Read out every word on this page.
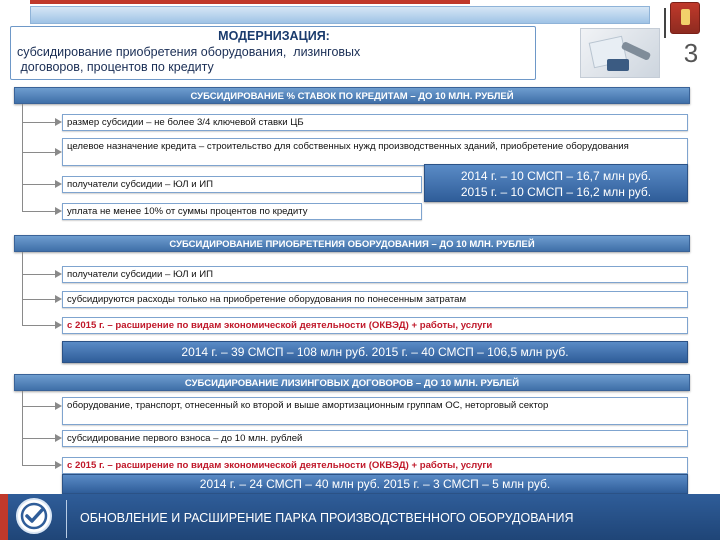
3
МОДЕРНИЗАЦИЯ:
субсидирование приобретения оборудования,  лизинговых
договоров, процентов по кредиту
СУБСИДИРОВАНИЕ % СТАВОК ПО КРЕДИТАМ – ДО 10 МЛН. РУБЛЕЙ
размер субсидии – не более 3/4 ключевой ставки ЦБ
целевое назначение кредита – строительство для собственных нужд производственных зданий, приобретение оборудования
получатели субсидии – ЮЛ и ИП
уплата не менее 10% от суммы процентов по кредиту
2014 г. – 10 СМСП – 16,7 млн руб.
2015 г. – 10 СМСП – 16,2 млн руб.
СУБСИДИРОВАНИЕ ПРИОБРЕТЕНИЯ ОБОРУДОВАНИЯ – ДО 10 МЛН. РУБЛЕЙ
получатели субсидии – ЮЛ и ИП
субсидируются расходы только на приобретение оборудования по понесенным затратам
с 2015 г. – расширение по видам экономической деятельности (ОКВЭД) + работы, услуги
2014 г. – 39 СМСП – 108 млн руб. 2015 г. – 40 СМСП – 106,5 млн руб.
СУБСИДИРОВАНИЕ ЛИЗИНГОВЫХ ДОГОВОРОВ – ДО 10 МЛН. РУБЛЕЙ
оборудование, транспорт, отнесенный ко второй и выше амортизационным группам ОС, неторговый сектор
субсидирование первого взноса – до 10 млн. рублей
с 2015 г. – расширение по видам экономической деятельности (ОКВЭД) + работы, услуги
2014 г. – 24 СМСП – 40 млн руб. 2015 г. – 3 СМСП – 5 млн руб.
ОБНОВЛЕНИЕ И РАСШИРЕНИЕ ПАРКА ПРОИЗВОДСТВЕННОГО ОБОРУДОВАНИЯ
